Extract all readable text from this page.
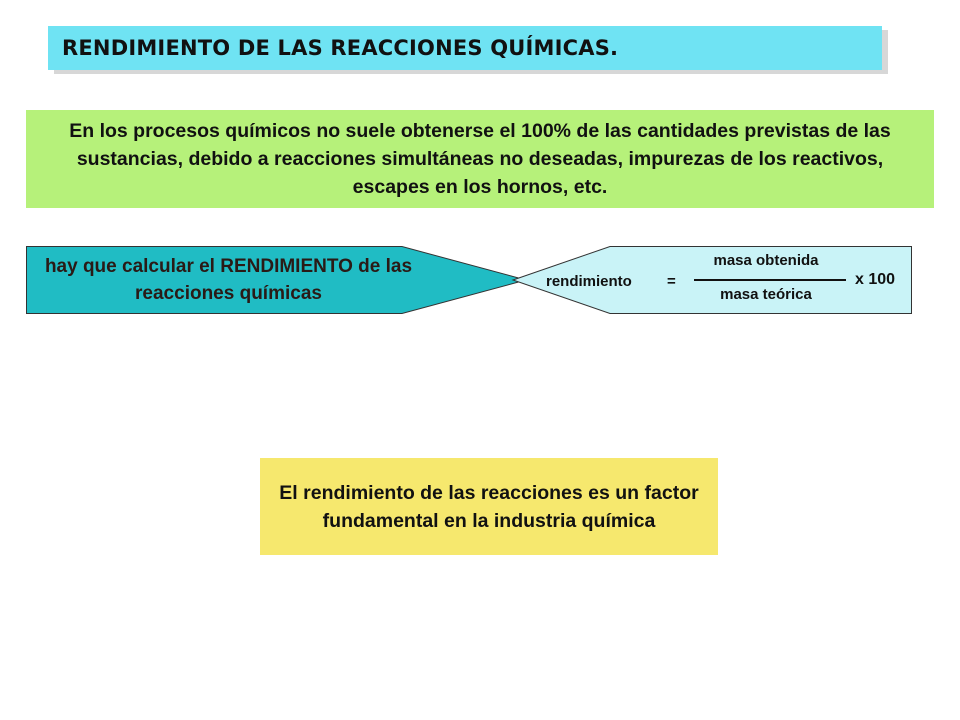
RENDIMIENTO DE LAS REACCIONES QUÍMICAS.
En los procesos químicos no suele obtenerse el 100% de las cantidades previstas de las sustancias, debido a reacciones simultáneas no deseadas, impurezas de los reactivos, escapes en los hornos, etc.
hay que calcular el RENDIMIENTO de las reacciones químicas
rendimiento =
masa obtenida
masa teórica
x 100
El rendimiento de las reacciones es un factor fundamental en la industria química
